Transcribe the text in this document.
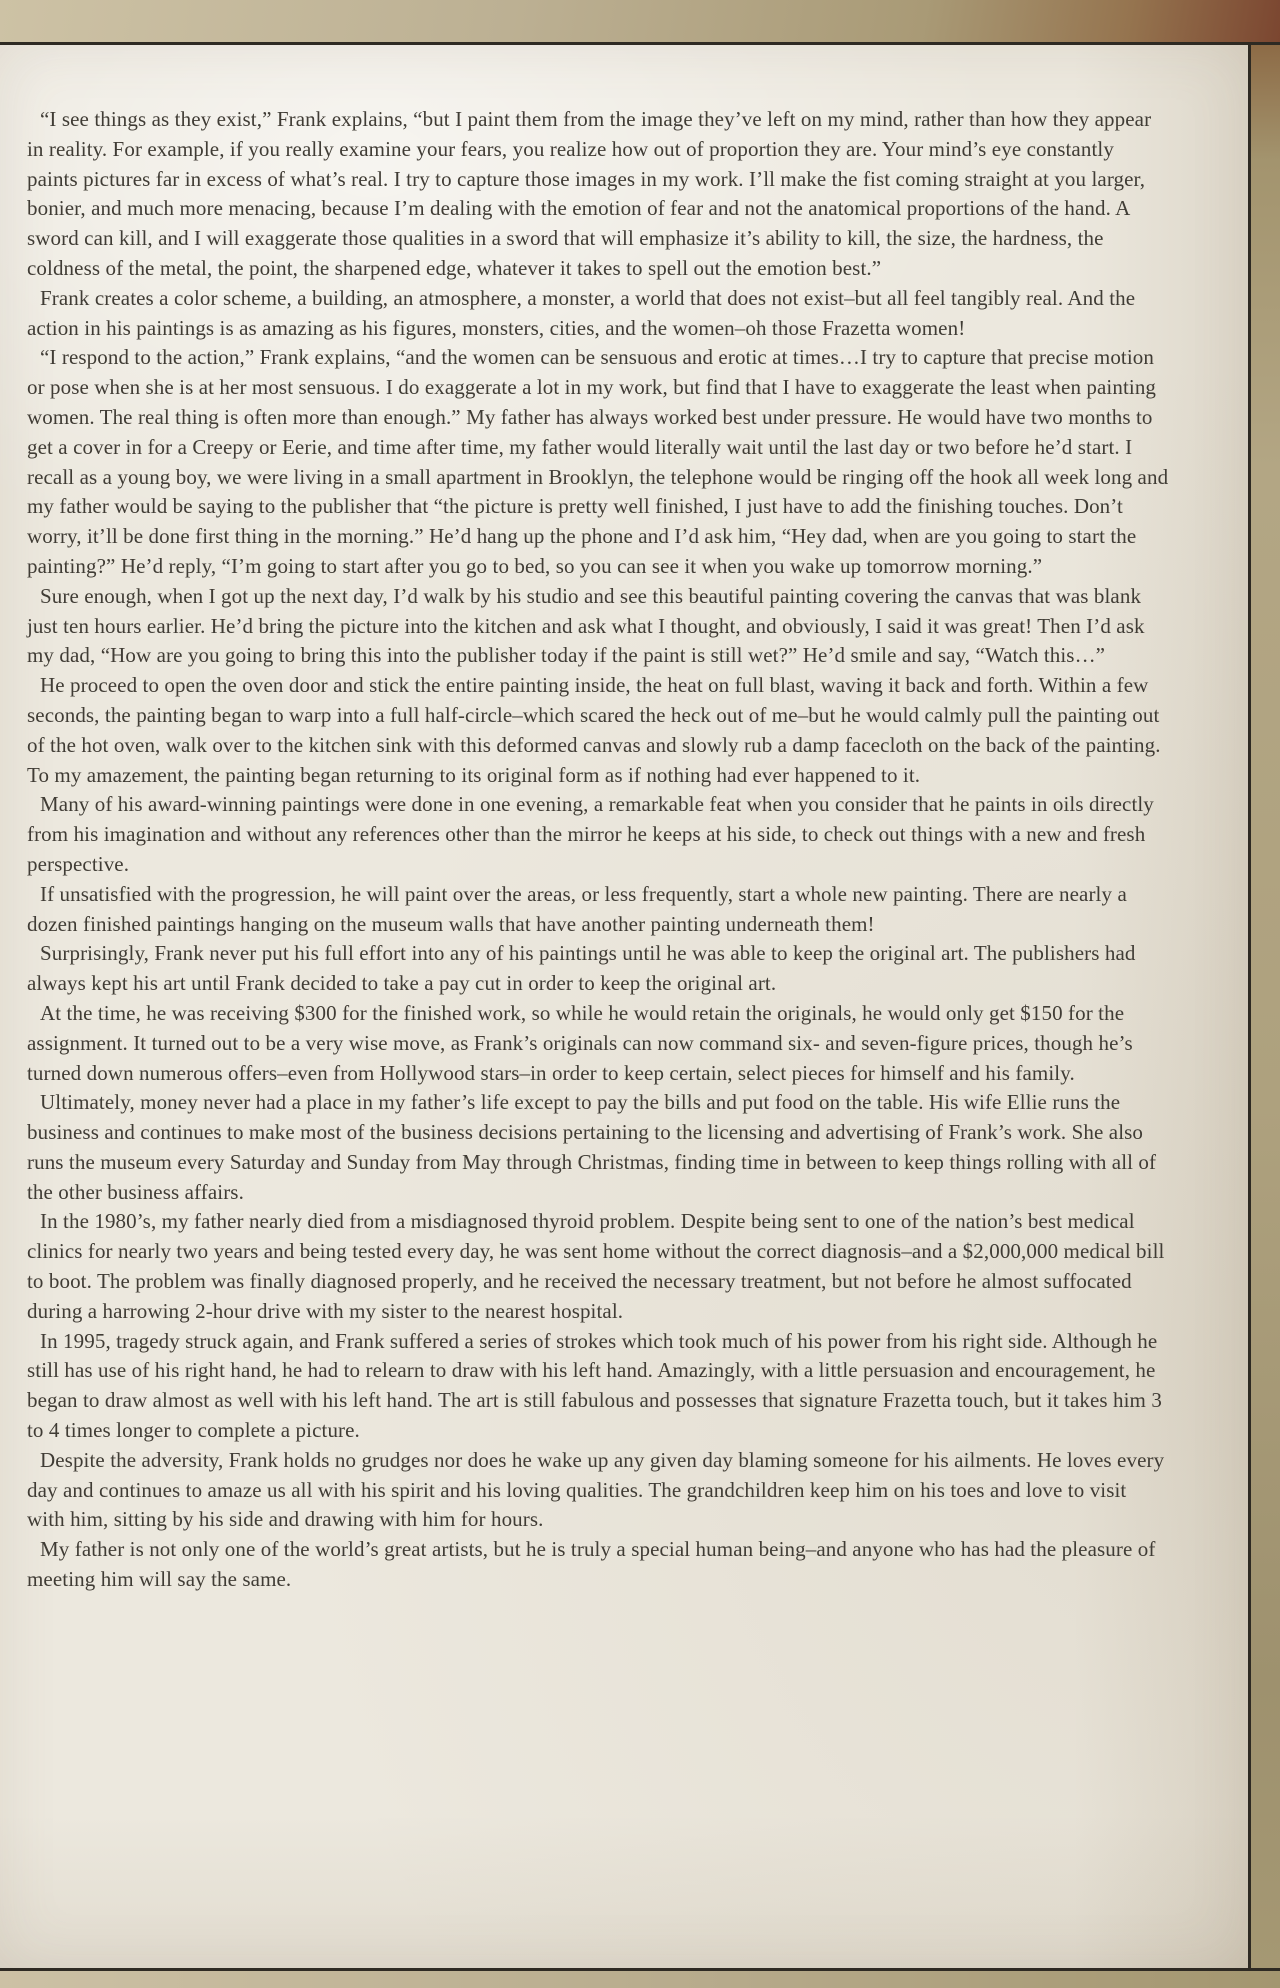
“I see things as they exist,” Frank explains, “but I paint them from the image they’ve left on my mind, rather than how they appear in reality. For example, if you really examine your fears, you realize how out of proportion they are. Your mind’s eye constantly paints pictures far in excess of what’s real. I try to capture those images in my work. I’ll make the fist coming straight at you larger, bonier, and much more menacing, because I’m dealing with the emotion of fear and not the anatomical proportions of the hand. A sword can kill, and I will exaggerate those qualities in a sword that will emphasize it’s ability to kill, the size, the hardness, the coldness of the metal, the point, the sharpened edge, whatever it takes to spell out the emotion best.”

Frank creates a color scheme, a building, an atmosphere, a monster, a world that does not exist–but all feel tangibly real. And the action in his paintings is as amazing as his figures, monsters, cities, and the women–oh those Frazetta women!

“I respond to the action,” Frank explains, “and the women can be sensuous and erotic at times…I try to capture that precise motion or pose when she is at her most sensuous. I do exaggerate a lot in my work, but find that I have to exaggerate the least when painting women. The real thing is often more than enough.” My father has always worked best under pressure. He would have two months to get a cover in for a Creepy or Eerie, and time after time, my father would literally wait until the last day or two before he’d start. I recall as a young boy, we were living in a small apartment in Brooklyn, the telephone would be ringing off the hook all week long and my father would be saying to the publisher that “the picture is pretty well finished, I just have to add the finishing touches. Don’t worry, it’ll be done first thing in the morning.” He’d hang up the phone and I’d ask him, “Hey dad, when are you going to start the painting?” He’d reply, “I’m going to start after you go to bed, so you can see it when you wake up tomorrow morning.”

Sure enough, when I got up the next day, I’d walk by his studio and see this beautiful painting covering the canvas that was blank just ten hours earlier. He’d bring the picture into the kitchen and ask what I thought, and obviously, I said it was great! Then I’d ask my dad, “How are you going to bring this into the publisher today if the paint is still wet?” He’d smile and say, “Watch this…”

He proceed to open the oven door and stick the entire painting inside, the heat on full blast, waving it back and forth. Within a few seconds, the painting began to warp into a full half-circle–which scared the heck out of me–but he would calmly pull the painting out of the hot oven, walk over to the kitchen sink with this deformed canvas and slowly rub a damp facecloth on the back of the painting. To my amazement, the painting began returning to its original form as if nothing had ever happened to it.

Many of his award-winning paintings were done in one evening, a remarkable feat when you consider that he paints in oils directly from his imagination and without any references other than the mirror he keeps at his side, to check out things with a new and fresh perspective.

If unsatisfied with the progression, he will paint over the areas, or less frequently, start a whole new painting. There are nearly a dozen finished paintings hanging on the museum walls that have another painting underneath them!

Surprisingly, Frank never put his full effort into any of his paintings until he was able to keep the original art. The publishers had always kept his art until Frank decided to take a pay cut in order to keep the original art.

At the time, he was receiving $300 for the finished work, so while he would retain the originals, he would only get $150 for the assignment. It turned out to be a very wise move, as Frank’s originals can now command six- and seven-figure prices, though he’s turned down numerous offers–even from Hollywood stars–in order to keep certain, select pieces for himself and his family.

Ultimately, money never had a place in my father’s life except to pay the bills and put food on the table. His wife Ellie runs the business and continues to make most of the business decisions pertaining to the licensing and advertising of Frank’s work. She also runs the museum every Saturday and Sunday from May through Christmas, finding time in between to keep things rolling with all of the other business affairs.

In the 1980’s, my father nearly died from a misdiagnosed thyroid problem. Despite being sent to one of the nation’s best medical clinics for nearly two years and being tested every day, he was sent home without the correct diagnosis–and a $2,000,000 medical bill to boot. The problem was finally diagnosed properly, and he received the necessary treatment, but not before he almost suffocated during a harrowing 2-hour drive with my sister to the nearest hospital.

In 1995, tragedy struck again, and Frank suffered a series of strokes which took much of his power from his right side. Although he still has use of his right hand, he had to relearn to draw with his left hand. Amazingly, with a little persuasion and encouragement, he began to draw almost as well with his left hand. The art is still fabulous and possesses that signature Frazetta touch, but it takes him 3 to 4 times longer to complete a picture.

Despite the adversity, Frank holds no grudges nor does he wake up any given day blaming someone for his ailments. He loves every day and continues to amaze us all with his spirit and his loving qualities. The grandchildren keep him on his toes and love to visit with him, sitting by his side and drawing with him for hours.

My father is not only one of the world’s great artists, but he is truly a special human being–and anyone who has had the pleasure of meeting him will say the same.
